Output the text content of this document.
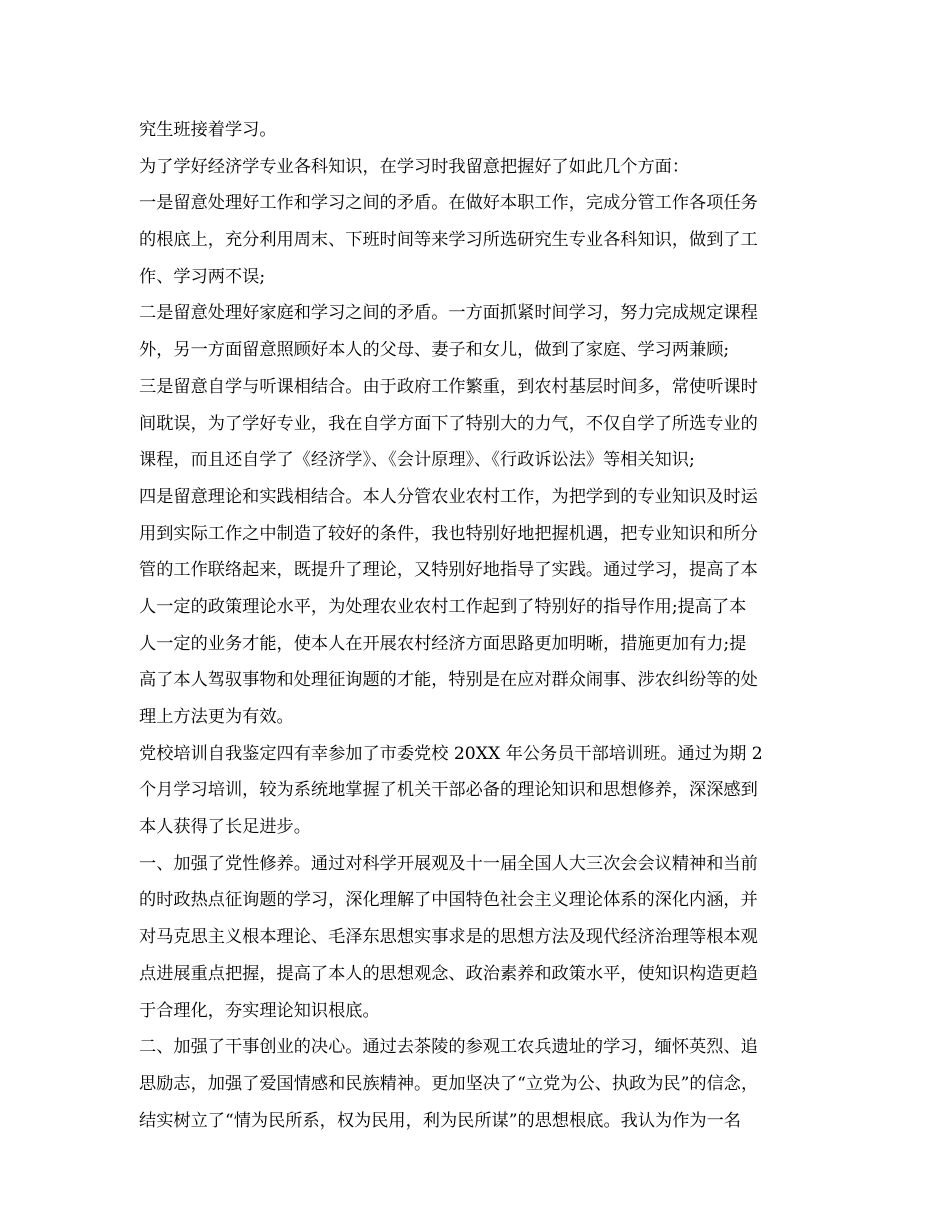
究生班接着学习。
为了学好经济学专业各科知识，在学习时我留意把握好了如此几个方面：
一是留意处理好工作和学习之间的矛盾。在做好本职工作，完成分管工作各项任务
的根底上，充分利用周末、下班时间等来学习所选研究生专业各科知识，做到了工
作、学习两不误;
二是留意处理好家庭和学习之间的矛盾。一方面抓紧时间学习，努力完成规定课程
外，另一方面留意照顾好本人的父母、妻子和女儿，做到了家庭、学习两兼顾;
三是留意自学与听课相结合。由于政府工作繁重，到农村基层时间多，常使听课时
间耽误，为了学好专业，我在自学方面下了特别大的力气，不仅自学了所选专业的
课程，而且还自学了《经济学》、《会计原理》、《行政诉讼法》等相关知识;
四是留意理论和实践相结合。本人分管农业农村工作，为把学到的专业知识及时运
用到实际工作之中制造了较好的条件，我也特别好地把握机遇，把专业知识和所分
管的工作联络起来，既提升了理论，又特别好地指导了实践。通过学习，提高了本
人一定的政策理论水平，为处理农业农村工作起到了特别好的指导作用;提高了本
人一定的业务才能，使本人在开展农村经济方面思路更加明晰，措施更加有力;提
高了本人驾驭事物和处理征询题的才能，特别是在应对群众闹事、涉农纠纷等的处
理上方法更为有效。
党校培训自我鉴定四有幸参加了市委党校 20XX 年公务员干部培训班。通过为期 2
个月学习培训，较为系统地掌握了机关干部必备的理论知识和思想修养，深深感到
本人获得了长足进步。
一、加强了党性修养。通过对科学开展观及十一届全国人大三次会会议精神和当前
的时政热点征询题的学习，深化理解了中国特色社会主义理论体系的深化内涵，并
对马克思主义根本理论、毛泽东思想实事求是的思想方法及现代经济治理等根本观
点进展重点把握，提高了本人的思想观念、政治素养和政策水平，使知识构造更趋
于合理化，夯实理论知识根底。
二、加强了干事创业的决心。通过去茶陵的参观工农兵遗址的学习，缅怀英烈、追
思励志，加强了爱国情感和民族精神。更加坚决了“立党为公、执政为民”的信念，
结实树立了“情为民所系，权为民用，利为民所谋”的思想根底。我认为作为一名
